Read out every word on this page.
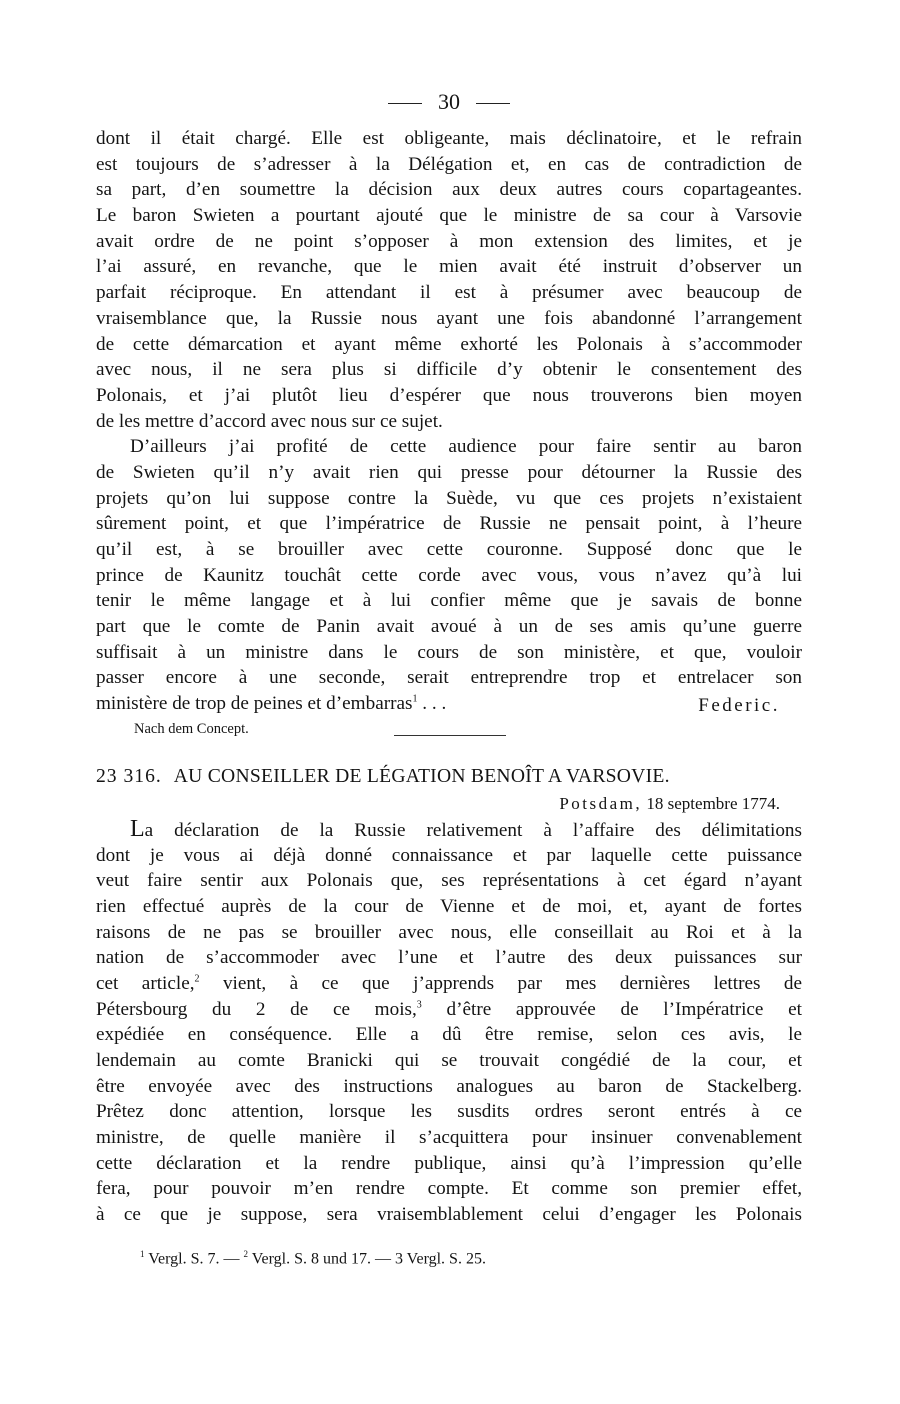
30
dont il était chargé. Elle est obligeante, mais déclinatoire, et le refrain
est toujours de s’adresser à la Délégation et, en cas de contradiction de
sa part, d’en soumettre la décision aux deux autres cours copartageantes.
Le baron Swieten a pourtant ajouté que le ministre de sa cour à Varsovie
avait ordre de ne point s’opposer à mon extension des limites, et je
l’ai assuré, en revanche, que le mien avait été instruit d’observer un
parfait réciproque. En attendant il est à présumer avec beaucoup de
vraisemblance que, la Russie nous ayant une fois abandonné l’arrangement
de cette démarcation et ayant même exhorté les Polonais à s’accommoder
avec nous, il ne sera plus si difficile d’y obtenir le consentement des
Polonais, et j’ai plutôt lieu d’espérer que nous trouverons bien moyen
de les mettre d’accord avec nous sur ce sujet.
D’ailleurs j’ai profité de cette audience pour faire sentir au baron
de Swieten qu’il n’y avait rien qui presse pour détourner la Russie des
projets qu’on lui suppose contre la Suède, vu que ces projets n’existaient
sûrement point, et que l’impératrice de Russie ne pensait point, à l’heure
qu’il est, à se brouiller avec cette couronne. Supposé donc que le
prince de Kaunitz touchât cette corde avec vous, vous n’avez qu’à lui
tenir le même langage et à lui confier même que je savais de bonne
part que le comte de Panin avait avoué à un de ses amis qu’une guerre
suffisait à un ministre dans le cours de son ministère, et que, vouloir
passer encore à une seconde, serait entreprendre trop et entrelacer son
ministère de trop de peines et d’embarras$^1$ . . .
Nach dem Concept.
Federic.
23 316. AU CONSEILLER DE LÉGATION BENOÎT A VARSOVIE.
Potsdam, 18 septembre 1774.
La déclaration de la Russie relativement à l’affaire des délimitations
dont je vous ai déjà donné connaissance et par laquelle cette puissance
veut faire sentir aux Polonais que, ses représentations à cet égard n’ayant
rien effectué auprès de la cour de Vienne et de moi, et, ayant de fortes
raisons de ne pas se brouiller avec nous, elle conseillait au Roi et à la
nation de s’accommoder avec l’une et l’autre des deux puissances sur
cet article,$^2$ vient, à ce que j’apprends par mes dernières lettres de
Pétersbourg du 2 de ce mois,$^3$ d’être approuvée de l’Impératrice et
expédiée en conséquence. Elle a dû être remise, selon ces avis, le
lendemain au comte Branicki qui se trouvait congédié de la cour, et
être envoyée avec des instructions analogues au baron de Stackelberg.
Prêtez donc attention, lorsque les susdits ordres seront entrés à ce
ministre, de quelle manière il s’acquittera pour insinuer convenablement
cette déclaration et la rendre publique, ainsi qu’à l’impression qu’elle
fera, pour pouvoir m’en rendre compte. Et comme son premier effet,
à ce que je suppose, sera vraisemblablement celui d’engager les Polonais
$^1$ Vergl. S. 7. — $^2$ Vergl. S. 8 und 17. — 3 Vergl. S. 25.
